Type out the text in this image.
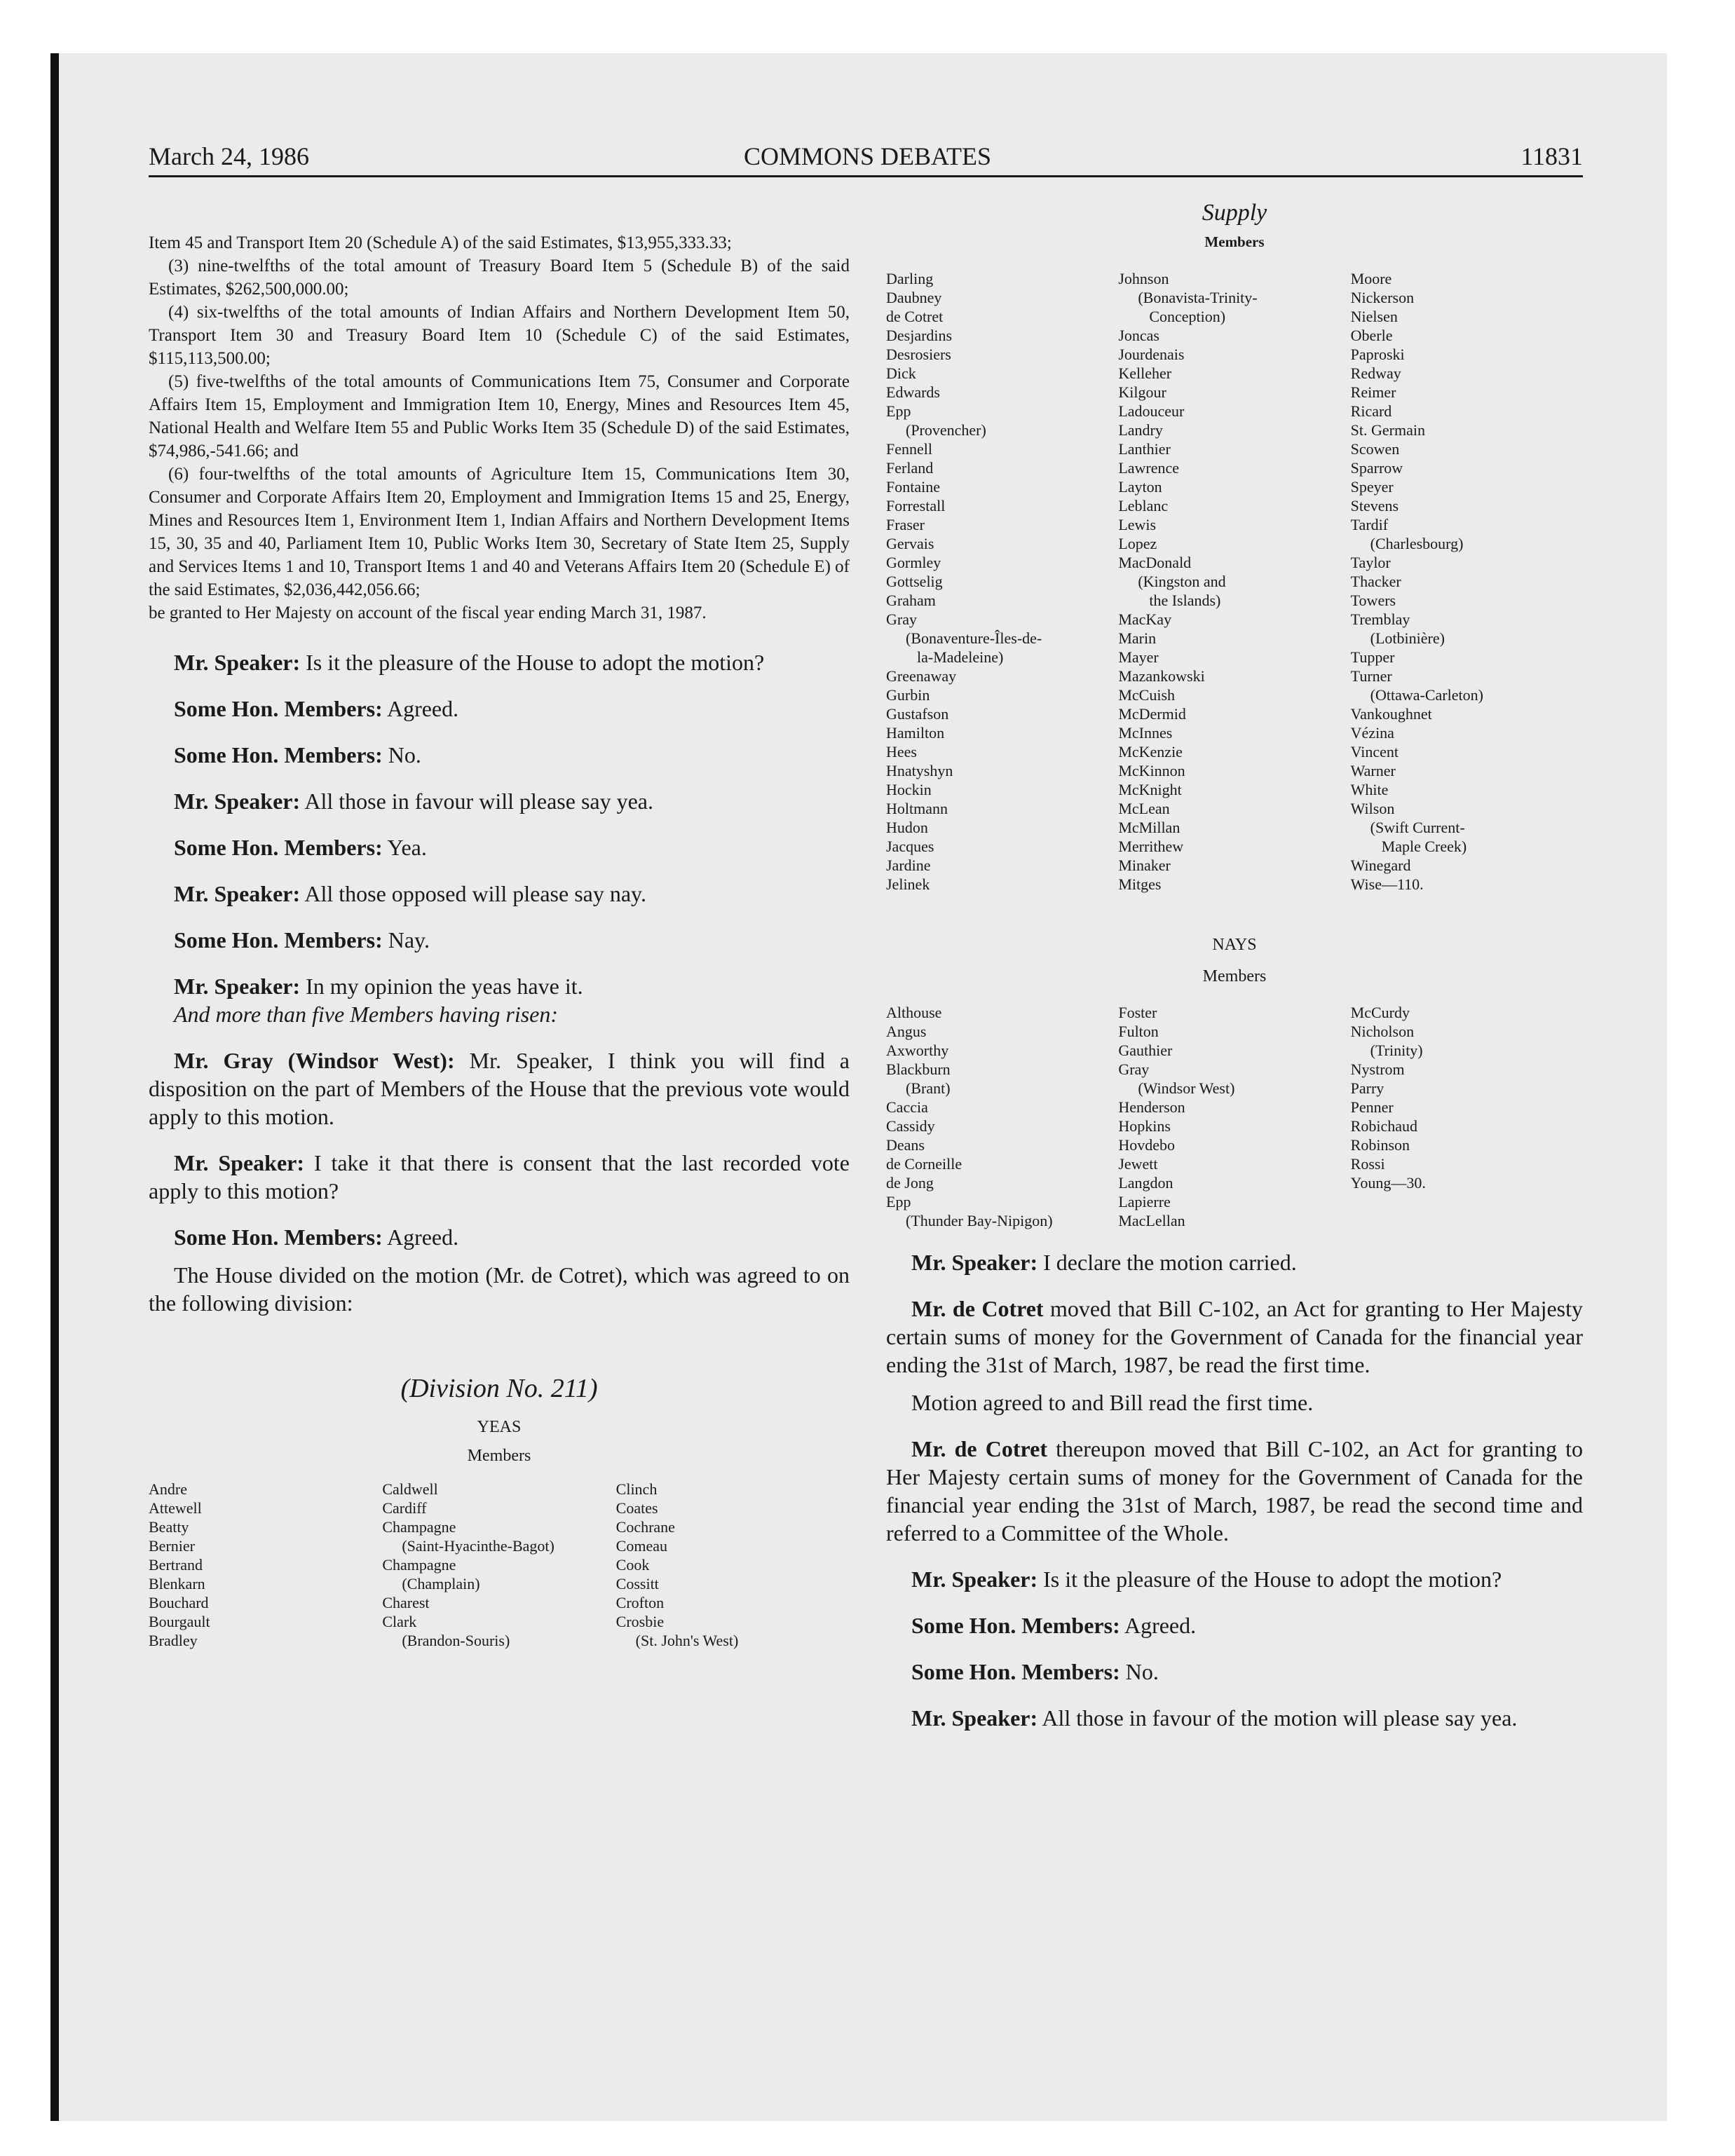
March 24, 1986	COMMONS DEBATES	11831

Item 45 and Transport Item 20 (Schedule A) of the said Estimates, $13,955,333.33;

(3) nine-twelfths of the total amount of Treasury Board Item 5 (Schedule B) of the said Estimates, $262,500,000.00;

(4) six-twelfths of the total amounts of Indian Affairs and Northern Development Item 50, Transport Item 30 and Treasury Board Item 10 (Schedule C) of the said Estimates, $115,113,500.00;

(5) five-twelfths of the total amounts of Communications Item 75, Consumer and Corporate Affairs Item 15, Employment and Immigration Item 10, Energy, Mines and Resources Item 45, National Health and Welfare Item 55 and Public Works Item 35 (Schedule D) of the said Estimates, $74,986,-541.66; and

(6) four-twelfths of the total amounts of Agriculture Item 15, Communications Item 30, Consumer and Corporate Affairs Item 20, Employment and Immigration Items 15 and 25, Energy, Mines and Resources Item 1, Environment Item 1, Indian Affairs and Northern Development Items 15, 30, 35 and 40, Parliament Item 10, Public Works Item 30, Secretary of State Item 25, Supply and Services Items 1 and 10, Transport Items 1 and 40 and Veterans Affairs Item 20 (Schedule E) of the said Estimates, $2,036,442,056.66;

be granted to Her Majesty on account of the fiscal year ending March 31, 1987.

Mr. Speaker: Is it the pleasure of the House to adopt the motion?

Some Hon. Members: Agreed.

Some Hon. Members: No.

Mr. Speaker: All those in favour will please say yea.

Some Hon. Members: Yea.

Mr. Speaker: All those opposed will please say nay.

Some Hon. Members: Nay.

Mr. Speaker: In my opinion the yeas have it.

And more than five Members having risen:

Mr. Gray (Windsor West): Mr. Speaker, I think you will find a disposition on the part of Members of the House that the previous vote would apply to this motion.

Mr. Speaker: I take it that there is consent that the last recorded vote apply to this motion?

Some Hon. Members: Agreed.

The House divided on the motion (Mr. de Cotret), which was agreed to on the following division:

(Division No. 211)
YEAS
Members
Andre
Attewell
Beatty
Bernier
Bertrand
Blenkarn
Bouchard
Bourgault
Bradley
Caldwell
Cardiff
Champagne
(Saint-Hyacinthe-Bagot)
Champagne
(Champlain)
Charest
Clark
(Brandon-Souris)
Clinch
Coates
Cochrane
Comeau
Cook
Cossitt
Crofton
Crosbie
(St. John's West)
Supply
Members
Darling
Daubney
de Cotret
Desjardins
Desrosiers
Dick
Edwards
Epp
(Provencher)
Fennell
Ferland
Fontaine
Forrestall
Fraser
Gervais
Gormley
Gottselig
Graham
Gray
(Bonaventure-Îles-de-
la-Madeleine)
Greenaway
Gurbin
Gustafson
Hamilton
Hees
Hnatyshyn
Hockin
Holtmann
Hudon
Jacques
Jardine
Jelinek
Johnson
(Bonavista-Trinity-
Conception)
Joncas
Jourdenais
Kelleher
Kilgour
Ladouceur
Landry
Lanthier
Lawrence
Layton
Leblanc
Lewis
Lopez
MacDonald
(Kingston and
the Islands)
MacKay
Marin
Mayer
Mazankowski
McCuish
McDermid
McInnes
McKenzie
McKinnon
McKnight
McLean
McMillan
Merrithew
Minaker
Mitges
Moore
Nickerson
Nielsen
Oberle
Paproski
Redway
Reimer
Ricard
St. Germain
Scowen
Sparrow
Speyer
Stevens
Tardif
(Charlesbourg)
Taylor
Thacker
Towers
Tremblay
(Lotbinière)
Tupper
Turner
(Ottawa-Carleton)
Vankoughnet
Vézina
Vincent
Warner
White
Wilson
(Swift Current-
Maple Creek)
Winegard
Wise—110.
NAYS
Members
Althouse
Angus
Axworthy
Blackburn
(Brant)
Caccia
Cassidy
Deans
de Corneille
de Jong
Epp
(Thunder Bay-Nipigon)
Foster
Fulton
Gauthier
Gray
(Windsor West)
Henderson
Hopkins
Hovdebo
Jewett
Langdon
Lapierre
MacLellan
McCurdy
Nicholson
(Trinity)
Nystrom
Parry
Penner
Robichaud
Robinson
Rossi
Young—30.

Mr. Speaker: I declare the motion carried.

Mr. de Cotret moved that Bill C-102, an Act for granting to Her Majesty certain sums of money for the Government of Canada for the financial year ending the 31st of March, 1987, be read the first time.

Motion agreed to and Bill read the first time.

Mr. de Cotret thereupon moved that Bill C-102, an Act for granting to Her Majesty certain sums of money for the Government of Canada for the financial year ending the 31st of March, 1987, be read the second time and referred to a Committee of the Whole.

Mr. Speaker: Is it the pleasure of the House to adopt the motion?

Some Hon. Members: Agreed.

Some Hon. Members: No.

Mr. Speaker: All those in favour of the motion will please say yea.
